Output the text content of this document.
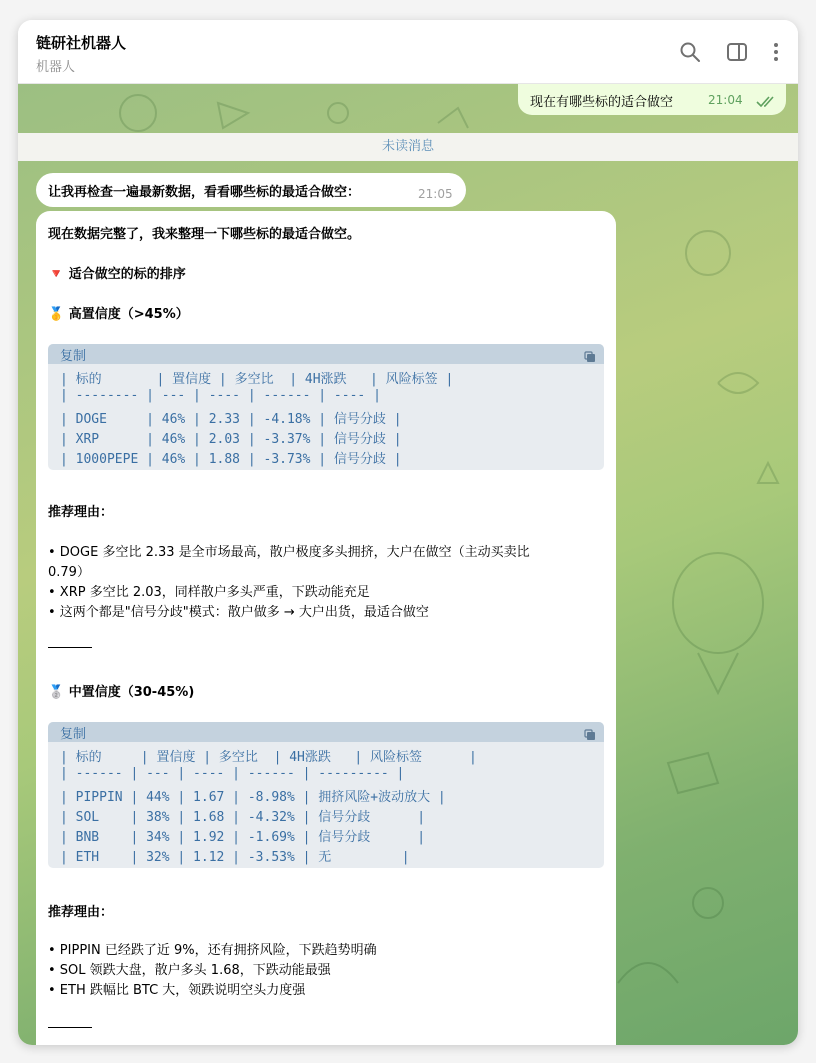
链研社机器人
机器人
现在有哪些标的适合做空	21:04
未读消息
让我再检查一遍最新数据，看看哪些标的最适合做空：	21:05
现在数据完整了，我来整理一下哪些标的最适合做空。
🔻 适合做空的标的排序
🥇 高置信度（>45%）
复制
| 标的       | 置信度 | 多空比  | 4H涨跌   | 风险标签 |
| -------- | --- | ---- | ------ | ---- |
| DOGE     | 46% | 2.33 | -4.18% | 信号分歧 |
| XRP      | 46% | 2.03 | -3.37% | 信号分歧 |
| 1000PEPE | 46% | 1.88 | -3.73% | 信号分歧 |
推荐理由：
• DOGE 多空比 2.33 是全市场最高，散户极度多头拥挤，大户在做空（主动买卖比
0.79）
• XRP 多空比 2.03，同样散户多头严重，下跌动能充足
• 这两个都是"信号分歧"模式：散户做多 → 大户出货，最适合做空
🥈 中置信度（30-45%)
复制
| 标的     | 置信度 | 多空比  | 4H涨跌   | 风险标签      |
| ------ | --- | ---- | ------ | --------- |
| PIPPIN | 44% | 1.67 | -8.98% | 拥挤风险+波动放大 |
| SOL    | 38% | 1.68 | -4.32% | 信号分歧      |
| BNB    | 34% | 1.92 | -1.69% | 信号分歧      |
| ETH    | 32% | 1.12 | -3.53% | 无         |
推荐理由：
• PIPPIN 已经跌了近 9%，还有拥挤风险，下跌趋势明确
• SOL 领跌大盘，散户多头 1.68，下跌动能最强
• ETH 跌幅比 BTC 大，领跌说明空头力度强
